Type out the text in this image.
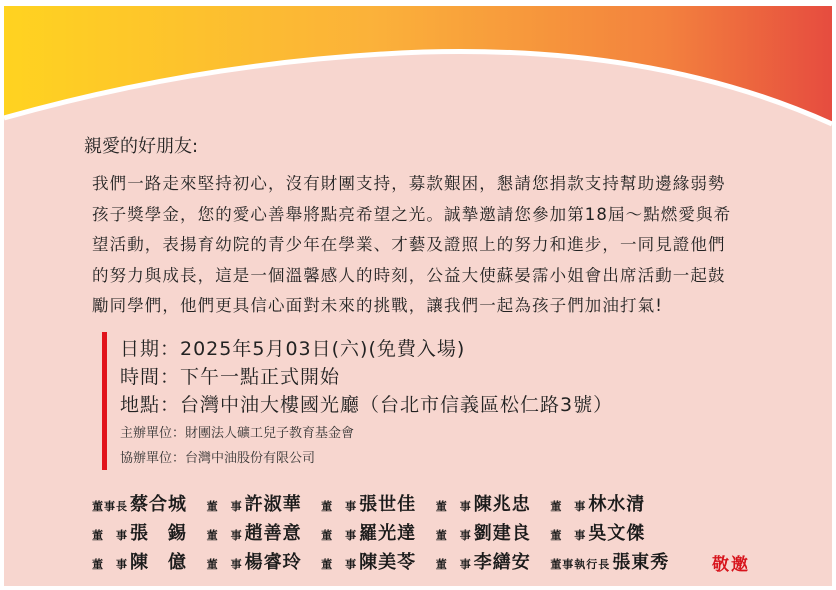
親愛的好朋友:
我們一路走來堅持初心，沒有財團支持，募款艱困，懇請您捐款支持幫助邊緣弱勢
孩子獎學金，您的愛心善舉將點亮希望之光。誠摯邀請您參加第18屆～點燃愛與希
望活動，表揚育幼院的青少年在學業、才藝及證照上的努力和進步，一同見證他們
的努力與成長，這是一個溫馨感人的時刻，公益大使蘇晏霈小姐會出席活動一起鼓
勵同學們，他們更具信心面對未來的挑戰，讓我們一起為孩子們加油打氣!
日期：2025年5月03日(六)(免費入場)
時間：下午一點正式開始
地點：台灣中油大樓國光廳（台北市信義區松仁路3號）
主辦單位：財團法人礦工兒子教育基金會
協辦單位：台灣中油股份有限公司
董事長 蔡合城 董　事 許淑華 董　事 張世佳 董　事 陳兆忠 董　事 林水清
董　事 張　錫 董　事 趙善意 董　事 羅光達 董　事 劉建良 董　事 吳文傑
董　事 陳　億 董　事 楊睿玲 董　事 陳美苓 董　事 李繕安 董事執行長 張東秀	敬邀
